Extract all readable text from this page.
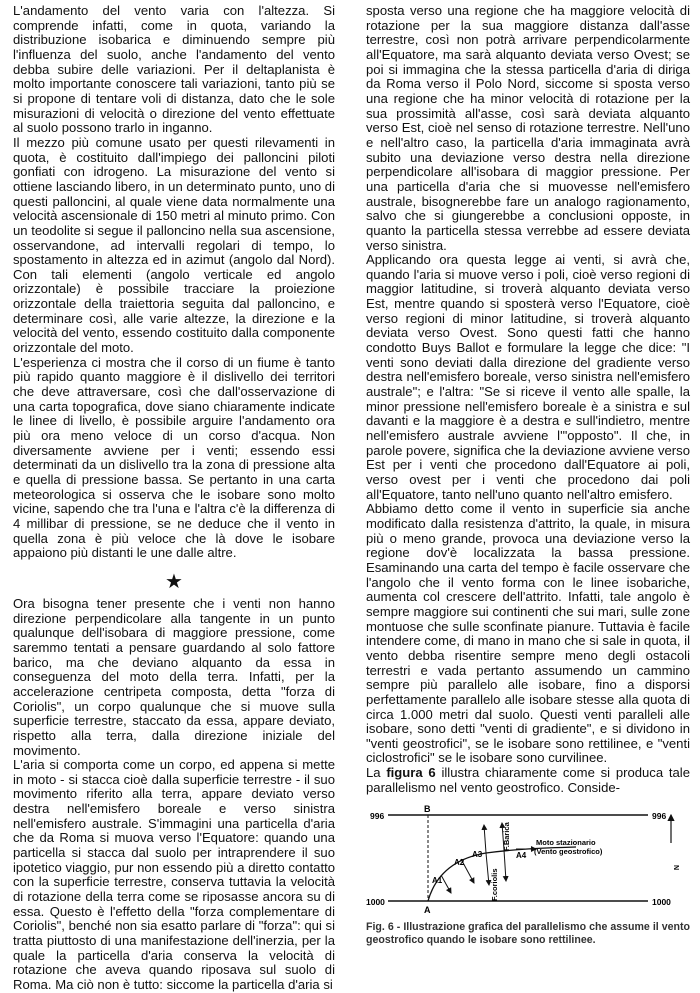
L'andamento del vento varia con l'altezza. Si comprende infatti, come in quota, variando la distribuzione isobarica e diminuendo sempre più l'influenza del suolo, anche l'andamento del vento debba subire delle variazioni. Per il deltaplanista è molto importante conoscere tali variazioni, tanto più se si propone di tentare voli di distanza, dato che le sole misurazioni di velocità o direzione del vento effettuate al suolo possono trarlo in inganno.

Il mezzo più comune usato per questi rilevamenti in quota, è costituito dall'impiego dei palloncini piloti gonfiati con idrogeno. La misurazione del vento si ottiene lasciando libero, in un determinato punto, uno di questi palloncini, al quale viene data normalmente una velocità ascensionale di 150 metri al minuto primo. Con un teodolite si segue il palloncino nella sua ascensione, osservandone, ad intervalli regolari di tempo, lo spostamento in altezza ed in azimut (angolo dal Nord). Con tali elementi (angolo verticale ed angolo orizzontale) è possibile tracciare la proiezione orizzontale della traiettoria seguita dal palloncino, e determinare così, alle varie altezze, la direzione e la velocità del vento, essendo costituito dalla componente orizzontale del moto.

L'esperienza ci mostra che il corso di un fiume è tanto più rapido quanto maggiore è il dislivello dei territori che deve attraversare, così che dall'osservazione di una carta topografica, dove siano chiaramente indicate le linee di livello, è possibile arguire l'andamento ora più ora meno veloce di un corso d'acqua. Non diversamente avviene per i venti; essendo essi determinati da un dislivello tra la zona di pressione alta e quella di pressione bassa. Se pertanto in una carta meteorologica si osserva che le isobare sono molto vicine, sapendo che tra l'una e l'altra c'è la differenza di 4 millibar di pressione, se ne deduce che il vento in quella zona è più veloce che là dove le isobare appaiono più distanti le une dalle altre.

★

Ora bisogna tener presente che i venti non hanno direzione perpendicolare alla tangente in un punto qualunque dell'isobara di maggiore pressione, come saremmo tentati a pensare guardando al solo fattore barico, ma che deviano alquanto da essa in conseguenza del moto della terra. Infatti, per la accelerazione centripeta composta, detta "forza di Coriolis", un corpo qualunque che si muove sulla superficie terrestre, staccato da essa, appare deviato, rispetto alla terra, dalla direzione iniziale del movimento.

L'aria si comporta come un corpo, ed appena si mette in moto - si stacca cioè dalla superficie terrestre - il suo movimento riferito alla terra, appare deviato verso destra nell'emisfero boreale e verso sinistra nell'emisfero australe. S'immagini una particella d'aria che da Roma si muova verso l'Equatore: quando una particella si stacca dal suolo per intraprendere il suo ipotetico viaggio, pur non essendo più a diretto contatto con la superficie terrestre, conserva tuttavia la velocità di rotazione della terra come se riposasse ancora su di essa. Questo è l'effetto della "forza complementare di Coriolis", benché non sia esatto parlare di "forza": qui si tratta piuttosto di una manifestazione dell'inerzia, per la quale la particella d'aria conserva la velocità di rotazione che aveva quando riposava sul suolo di Roma. Ma ciò non è tutto: siccome la particella d'aria si

sposta verso una regione che ha maggiore velocità di rotazione per la sua maggiore distanza dall'asse terrestre, così non potrà arrivare perpendicolarmente all'Equatore, ma sarà alquanto deviata verso Ovest; se poi si immagina che la stessa particella d'aria di diriga da Roma verso il Polo Nord, siccome si sposta verso una regione che ha minor velocità di rotazione per la sua prossimità all'asse, così sarà deviata alquanto verso Est, cioè nel senso di rotazione terrestre. Nell'uno e nell'altro caso, la particella d'aria immaginata avrà subito una deviazione verso destra nella direzione perpendicolare all'isobara di maggior pressione. Per una particella d'aria che si muovesse nell'emisfero australe, bisognerebbe fare un analogo ragionamento, salvo che si giungerebbe a conclusioni opposte, in quanto la particella stessa verrebbe ad essere deviata verso sinistra.

Applicando ora questa legge ai venti, si avrà che, quando l'aria si muove verso i poli, cioè verso regioni di maggior latitudine, si troverà alquanto deviata verso Est, mentre quando si sposterà verso l'Equatore, cioè verso regioni di minor latitudine, si troverà alquanto deviata verso Ovest. Sono questi fatti che hanno condotto Buys Ballot e formulare la legge che dice: "I venti sono deviati dalla direzione del gradiente verso destra nell'emisfero boreale, verso sinistra nell'emisfero australe"; e l'altra: "Se si riceve il vento alle spalle, la minor pressione nell'emisfero boreale è a sinistra e sul davanti e la maggiore è a destra e sull'indietro, mentre nell'emisfero australe avviene l'"opposto". Il che, in parole povere, significa che la deviazione avviene verso Est per i venti che procedono dall'Equatore ai poli, verso ovest per i venti che procedono dai poli all'Equatore, tanto nell'uno quanto nell'altro emisfero.

Abbiamo detto come il vento in superficie sia anche modificato dalla resistenza d'attrito, la quale, in misura più o meno grande, provoca una deviazione verso la regione dov'è localizzata la bassa pressione. Esaminando una carta del tempo è facile osservare che l'angolo che il vento forma con le linee isobariche, aumenta col crescere dell'attrito. Infatti, tale angolo è sempre maggiore sui continenti che sui mari, sulle zone montuose che sulle sconfinate pianure. Tuttavia è facile intendere come, di mano in mano che si sale in quota, il vento debba risentire sempre meno degli ostacoli terrestri e vada pertanto assumendo un cammino sempre più parallelo alle isobare, fino a disporsi perfettamente parallelo alle isobare stesse alla quota di circa 1.000 metri dal suolo. Questi venti paralleli alle isobare, sono detti "venti di gradiente", e si dividono in "venti geostrofici", se le isobare sono rettilinee, e "venti ciclostrofici" se le isobare sono curvilinee.

La figura 6 illustra chiaramente come si produca tale parallelismo nel vento geostrofico. Conside-

996	996
1000	1000
B
A
A1
A2
A3	A4
F.coriolis
F.Barica	Moto stazionario
(Vento geostrofico)
N
Fig. 6 - Illustrazione grafica del parallelismo che assume il vento geostrofico quando le isobare sono rettilinee.
